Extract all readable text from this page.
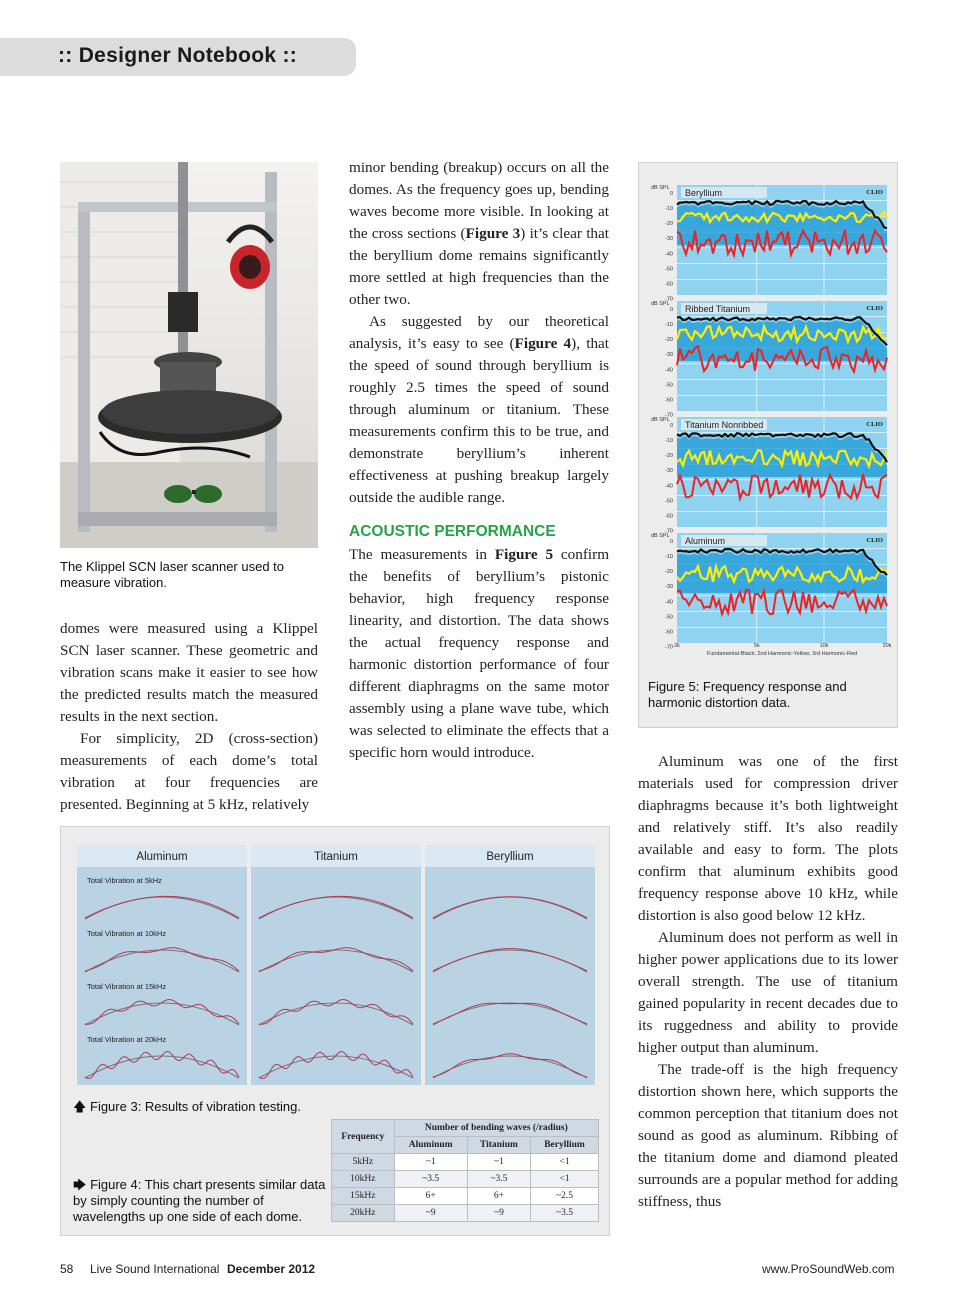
:: Designer Notebook ::
The Klippel SCN laser scanner used to measure vibration.

domes were measured using a Klippel SCN laser scanner. These geometric and vibration scans make it easier to see how the predicted results match the measured results in the next section.

For simplicity, 2D (cross-section) measurements of each dome’s total vibration at four frequencies are presented. Beginning at 5 kHz, relatively

minor bending (breakup) occurs on all the domes. As the frequency goes up, bending waves become more visible. In looking at the cross sections (Figure 3) it’s clear that the beryllium dome remains significantly more settled at high frequencies than the other two.

As suggested by our theoretical analysis, it’s easy to see (Figure 4), that the speed of sound through beryllium is roughly 2.5 times the speed of sound through aluminum or titanium. These measurements confirm this to be true, and demonstrate beryllium’s inherent effectiveness at pushing breakup largely outside the audible range.

ACOUSTIC PERFORMANCE

The measurements in Figure 5 confirm the benefits of beryllium’s pistonic behavior, high frequency response linearity, and distortion. The data shows the actual frequency response and harmonic distortion performance of four different diaphragms on the same motor assembly using a plane wave tube, which was selected to eliminate the effects that a specific horn would introduce.

dB SPL
0
-10
-20
-30
-40
-50
-60
-70
Beryllium	CLIO
dB SPL
0
-10
-20
-30
-40
-50
-60
-70
Ribbed Titanium	CLIO
dB SPL
0
-10
-20
-30
-40
-50
-60
-70
Titanium Nonribbed	CLIO
dB SPL
0
-10
-20
-30
-40
-50
-60
-70
Aluminum	CLIO
2k	5k	10k	20k
Fundamental-Black; 2nd Harmonic-Yellow; 3rd Harmonic-Red
Figure 5: Frequency response and harmonic distortion data.

Aluminum was one of the first materials used for compression driver diaphragms because it’s both lightweight and relatively stiff. It’s also readily available and easy to form. The plots confirm that aluminum exhibits good frequency response above 10 kHz, while distortion is also good below 12 kHz.

Aluminum does not perform as well in higher power applications due to its lower overall strength. The use of titanium gained popularity in recent decades due to its ruggedness and ability to provide higher output than aluminum.

The trade-off is the high frequency distortion shown here, which supports the common perception that titanium does not sound as good as aluminum. Ribbing of the titanium dome and diamond pleated surrounds are a popular method for adding stiffness, thus

Aluminum
Total Vibration at 5kHz
Total Vibration at 10kHz
Total Vibration at 15kHz
Total Vibration at 20kHz
Titanium	Beryllium
🡅 Figure 3: Results of vibration testing.
🡆 Figure 4: This chart presents similar data by simply counting the number of wavelengths up one side of each dome.
Frequency	Number of bending waves (/radius)		
	Aluminum	Titanium	Beryllium
5kHz	~1	~1	<1
10kHz	~3.5	~3.5	<1
15kHz	6+	6+	~2.5
20kHz	~9	~9	~3.5
58 Live Sound International December 2012	www.ProSoundWeb.com
